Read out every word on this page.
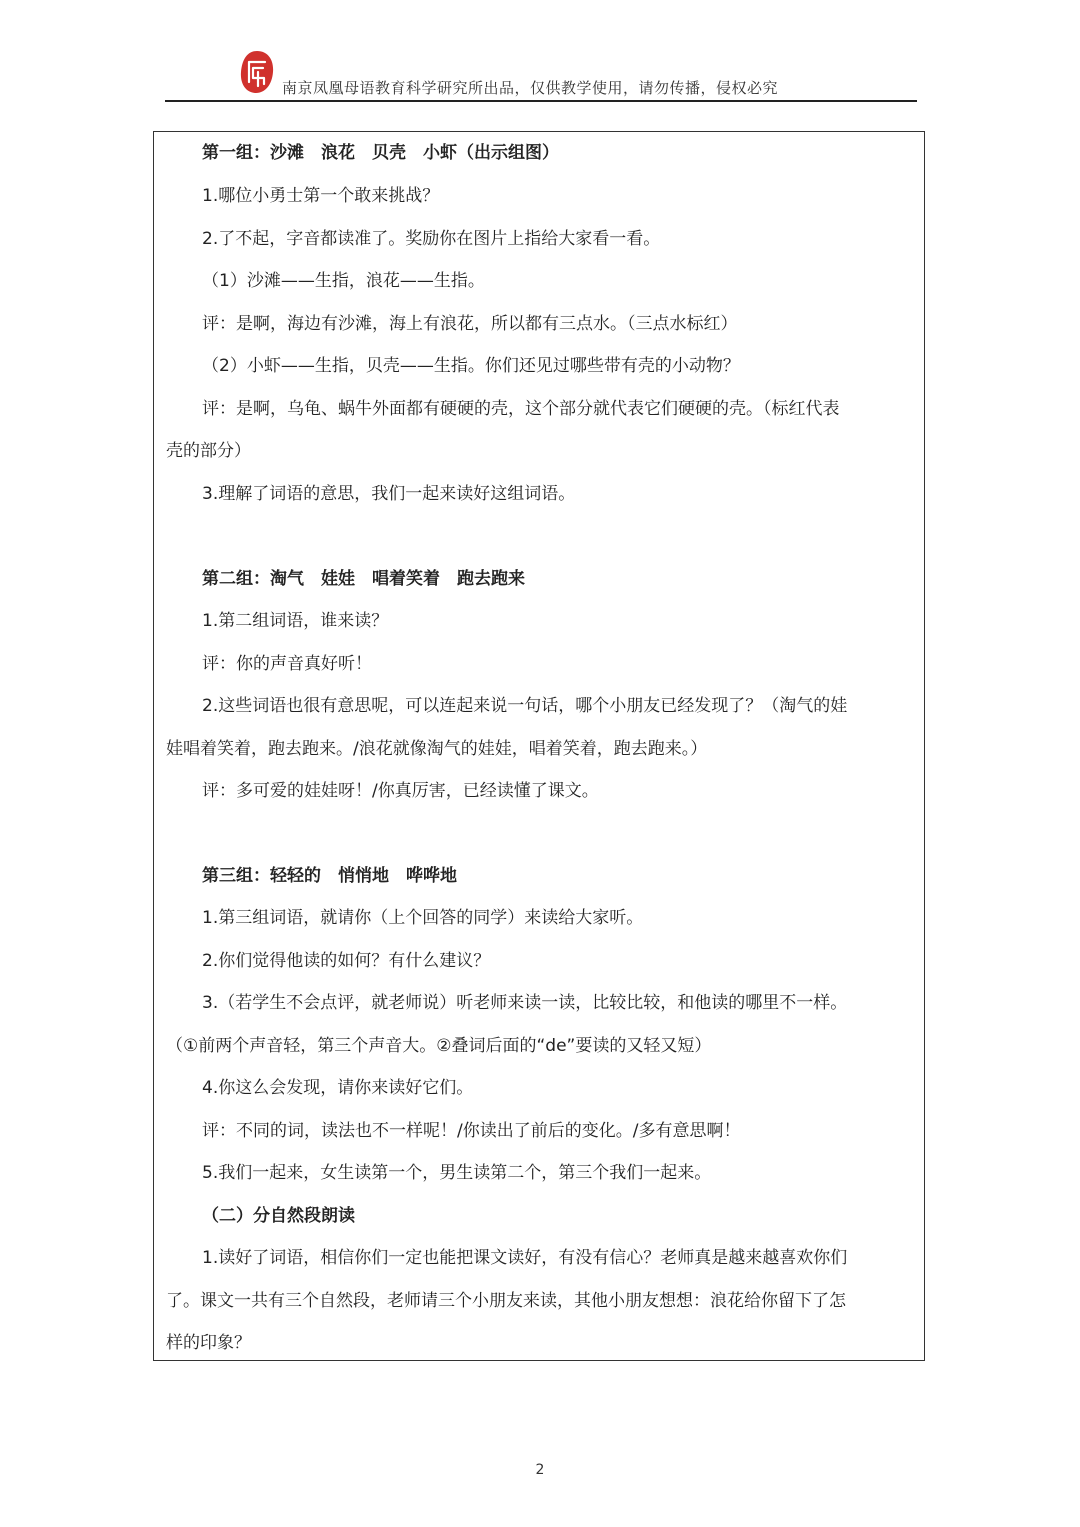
南京凤凰母语教育科学研究所出品，仅供教学使用，请勿传播，侵权必究
第一组：沙滩　浪花　贝壳　小虾（出示组图）
1.哪位小勇士第一个敢来挑战？
2.了不起，字音都读准了。奖励你在图片上指给大家看一看。
（1）沙滩——生指，浪花——生指。
评：是啊，海边有沙滩，海上有浪花，所以都有三点水。（三点水标红）
（2）小虾——生指，贝壳——生指。你们还见过哪些带有壳的小动物？
评：是啊，乌龟、蜗牛外面都有硬硬的壳，这个部分就代表它们硬硬的壳。（标红代表
壳的部分）
3.理解了词语的意思，我们一起来读好这组词语。
第二组：淘气　娃娃　唱着笑着　跑去跑来
1.第二组词语，谁来读？
评：你的声音真好听！
2.这些词语也很有意思呢，可以连起来说一句话，哪个小朋友已经发现了？（淘气的娃
娃唱着笑着，跑去跑来。/浪花就像淘气的娃娃，唱着笑着，跑去跑来。）
评：多可爱的娃娃呀！/你真厉害，已经读懂了课文。
第三组：轻轻的　悄悄地　哗哗地
1.第三组词语，就请你（上个回答的同学）来读给大家听。
2.你们觉得他读的如何？有什么建议？
3.（若学生不会点评，就老师说）听老师来读一读，比较比较，和他读的哪里不一样。
（①前两个声音轻，第三个声音大。②叠词后面的“de”要读的又轻又短）
4.你这么会发现，请你来读好它们。
评：不同的词，读法也不一样呢！/你读出了前后的变化。/多有意思啊！
5.我们一起来，女生读第一个，男生读第二个，第三个我们一起来。
（二）分自然段朗读
1.读好了词语，相信你们一定也能把课文读好，有没有信心？老师真是越来越喜欢你们
了。课文一共有三个自然段，老师请三个小朋友来读，其他小朋友想想：浪花给你留下了怎
样的印象？
2
